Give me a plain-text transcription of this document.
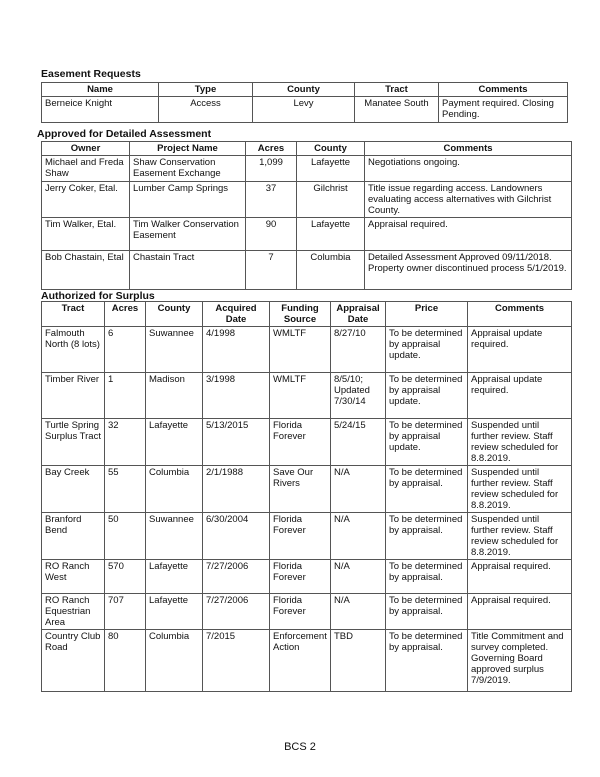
Easement Requests
Name	Type	County	Tract	Comments
Berneice Knight	Access	Levy	Manatee South	Payment required. Closing Pending.
Approved for Detailed Assessment
Owner	Project Name	Acres	County	Comments
Michael and Freda Shaw	Shaw Conservation Easement Exchange	1,099	Lafayette	Negotiations ongoing.
Jerry Coker, Etal.	Lumber Camp Springs	37	Gilchrist	Title issue regarding access. Landowners evaluating access alternatives with Gilchrist County.
Tim Walker, Etal.	Tim Walker Conservation Easement	90	Lafayette	Appraisal required.
Bob Chastain, Etal	Chastain Tract	7	Columbia	Detailed Assessment Approved 09/11/2018. Property owner discontinued process 5/1/2019.
Authorized for Surplus
Tract	Acres	County	Acquired Date	Funding Source	Appraisal Date	Price	Comments
Falmouth North (8 lots)	6	Suwannee	4/1998	WMLTF	8/27/10	To be determined by appraisal update.	Appraisal update required.
Timber River	1	Madison	3/1998	WMLTF	8/5/10; Updated 7/30/14	To be determined by appraisal update.	Appraisal update required.
Turtle Spring Surplus Tract	32	Lafayette	5/13/2015	Florida Forever	5/24/15	To be determined by appraisal update.	Suspended until further review. Staff review scheduled for 8.8.2019.
Bay Creek	55	Columbia	2/1/1988	Save Our Rivers	N/A	To be determined by appraisal.	Suspended until further review. Staff review scheduled for 8.8.2019.
Branford Bend	50	Suwannee	6/30/2004	Florida Forever	N/A	To be determined by appraisal.	Suspended until further review. Staff review scheduled for 8.8.2019.
RO Ranch West	570	Lafayette	7/27/2006	Florida Forever	N/A	To be determined by appraisal.	Appraisal required.
RO Ranch Equestrian Area	707	Lafayette	7/27/2006	Florida Forever	N/A	To be determined by appraisal.	Appraisal required.
Country Club Road	80	Columbia	7/2015	Enforcement Action	TBD	To be determined by appraisal.	Title Commitment and survey completed. Governing Board approved surplus 7/9/2019.
BCS 2
